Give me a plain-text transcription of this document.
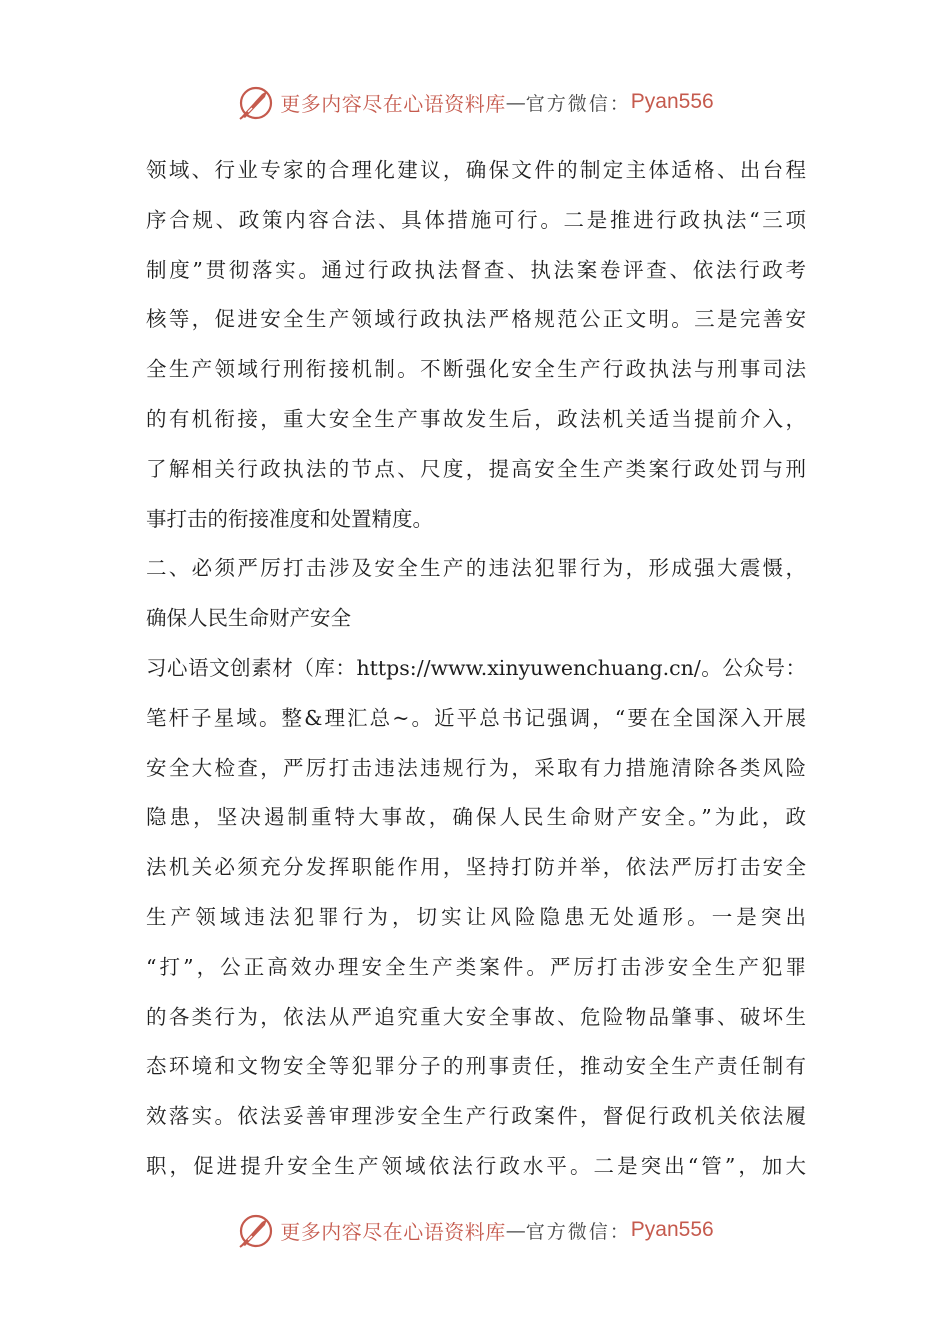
更多内容尽在心语资料库 — 官方微信： Pyan556
领域、行业专家的合理化建议，确保文件的制定主体适格、出台程
序合规、政策内容合法、具体措施可行。二是推进行政执法“三项
制度”贯彻落实。通过行政执法督查、执法案卷评查、依法行政考
核等，促进安全生产领域行政执法严格规范公正文明。三是完善安
全生产领域行刑衔接机制。不断强化安全生产行政执法与刑事司法
的有机衔接，重大安全生产事故发生后，政法机关适当提前介入，
了解相关行政执法的节点、尺度，提高安全生产类案行政处罚与刑
事打击的衔接准度和处置精度。
二、必须严厉打击涉及安全生产的违法犯罪行为，形成强大震慑，
确保人民生命财产安全
习心语文创素材（库：https://www.xinyuwenchuang.cn/。公众号：
笔杆子星域。整&理汇总~。近平总书记强调，“要在全国深入开展
安全大检查，严厉打击违法违规行为，采取有力措施清除各类风险
隐患，坚决遏制重特大事故，确保人民生命财产安全。”为此，政
法机关必须充分发挥职能作用，坚持打防并举，依法严厉打击安全
生产领域违法犯罪行为，切实让风险隐患无处遁形。一是突出
“打”，公正高效办理安全生产类案件。严厉打击涉安全生产犯罪
的各类行为，依法从严追究重大安全事故、危险物品肇事、破坏生
态环境和文物安全等犯罪分子的刑事责任，推动安全生产责任制有
效落实。依法妥善审理涉安全生产行政案件，督促行政机关依法履
职，促进提升安全生产领域依法行政水平。二是突出“管”，加大
更多内容尽在心语资料库 — 官方微信： Pyan556
